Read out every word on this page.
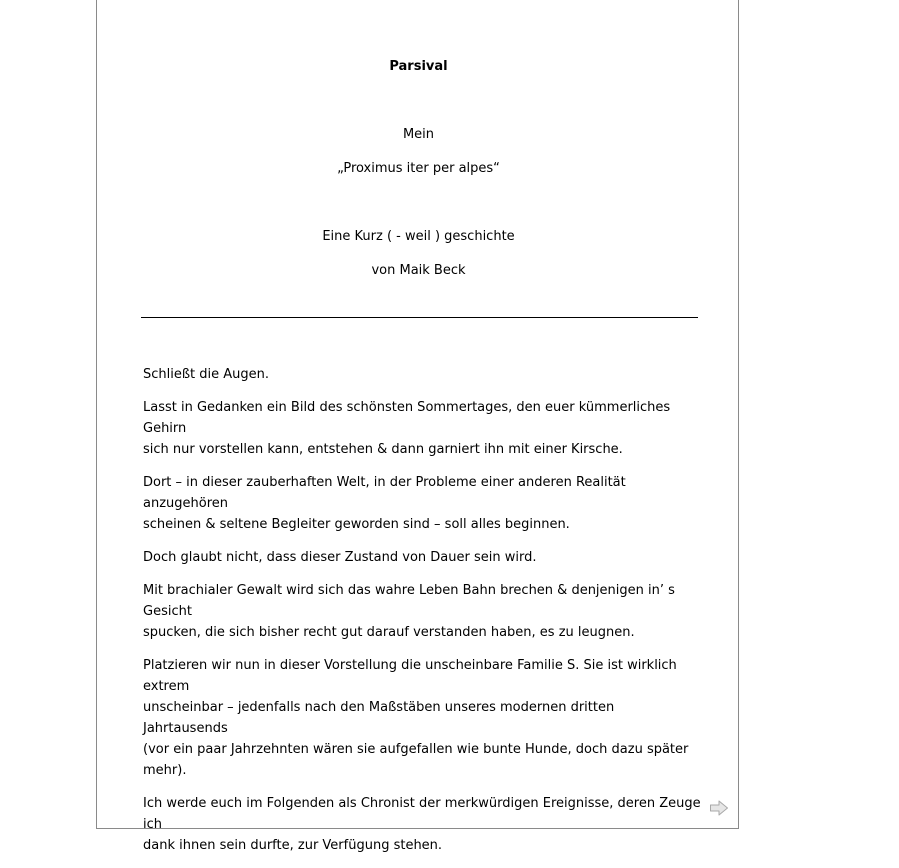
Parsival
Mein
„Proximus iter per alpes“
Eine Kurz ( - weil ) geschichte
von Maik Beck

Schließt die Augen.

Lasst in Gedanken ein Bild des schönsten Sommertages, den euer kümmerliches Gehirn
sich nur vorstellen kann, entstehen & dann garniert ihn mit einer Kirsche.

Dort – in dieser zauberhaften Welt, in der Probleme einer anderen Realität anzugehören
scheinen & seltene Begleiter geworden sind – soll alles beginnen.

Doch glaubt nicht, dass dieser Zustand von Dauer sein wird.

Mit brachialer Gewalt wird sich das wahre Leben Bahn brechen & denjenigen in’ s Gesicht
spucken, die sich bisher recht gut darauf verstanden haben, es zu leugnen.

Platzieren wir nun in dieser Vorstellung die unscheinbare Familie S. Sie ist wirklich extrem
unscheinbar – jedenfalls nach den Maßstäben unseres modernen dritten Jahrtausends
(vor ein paar Jahrzehnten wären sie aufgefallen wie bunte Hunde, doch dazu später
mehr).

Ich werde euch im Folgenden als Chronist der merkwürdigen Ereignisse, deren Zeuge ich
dank ihnen sein durfte, zur Verfügung stehen.
